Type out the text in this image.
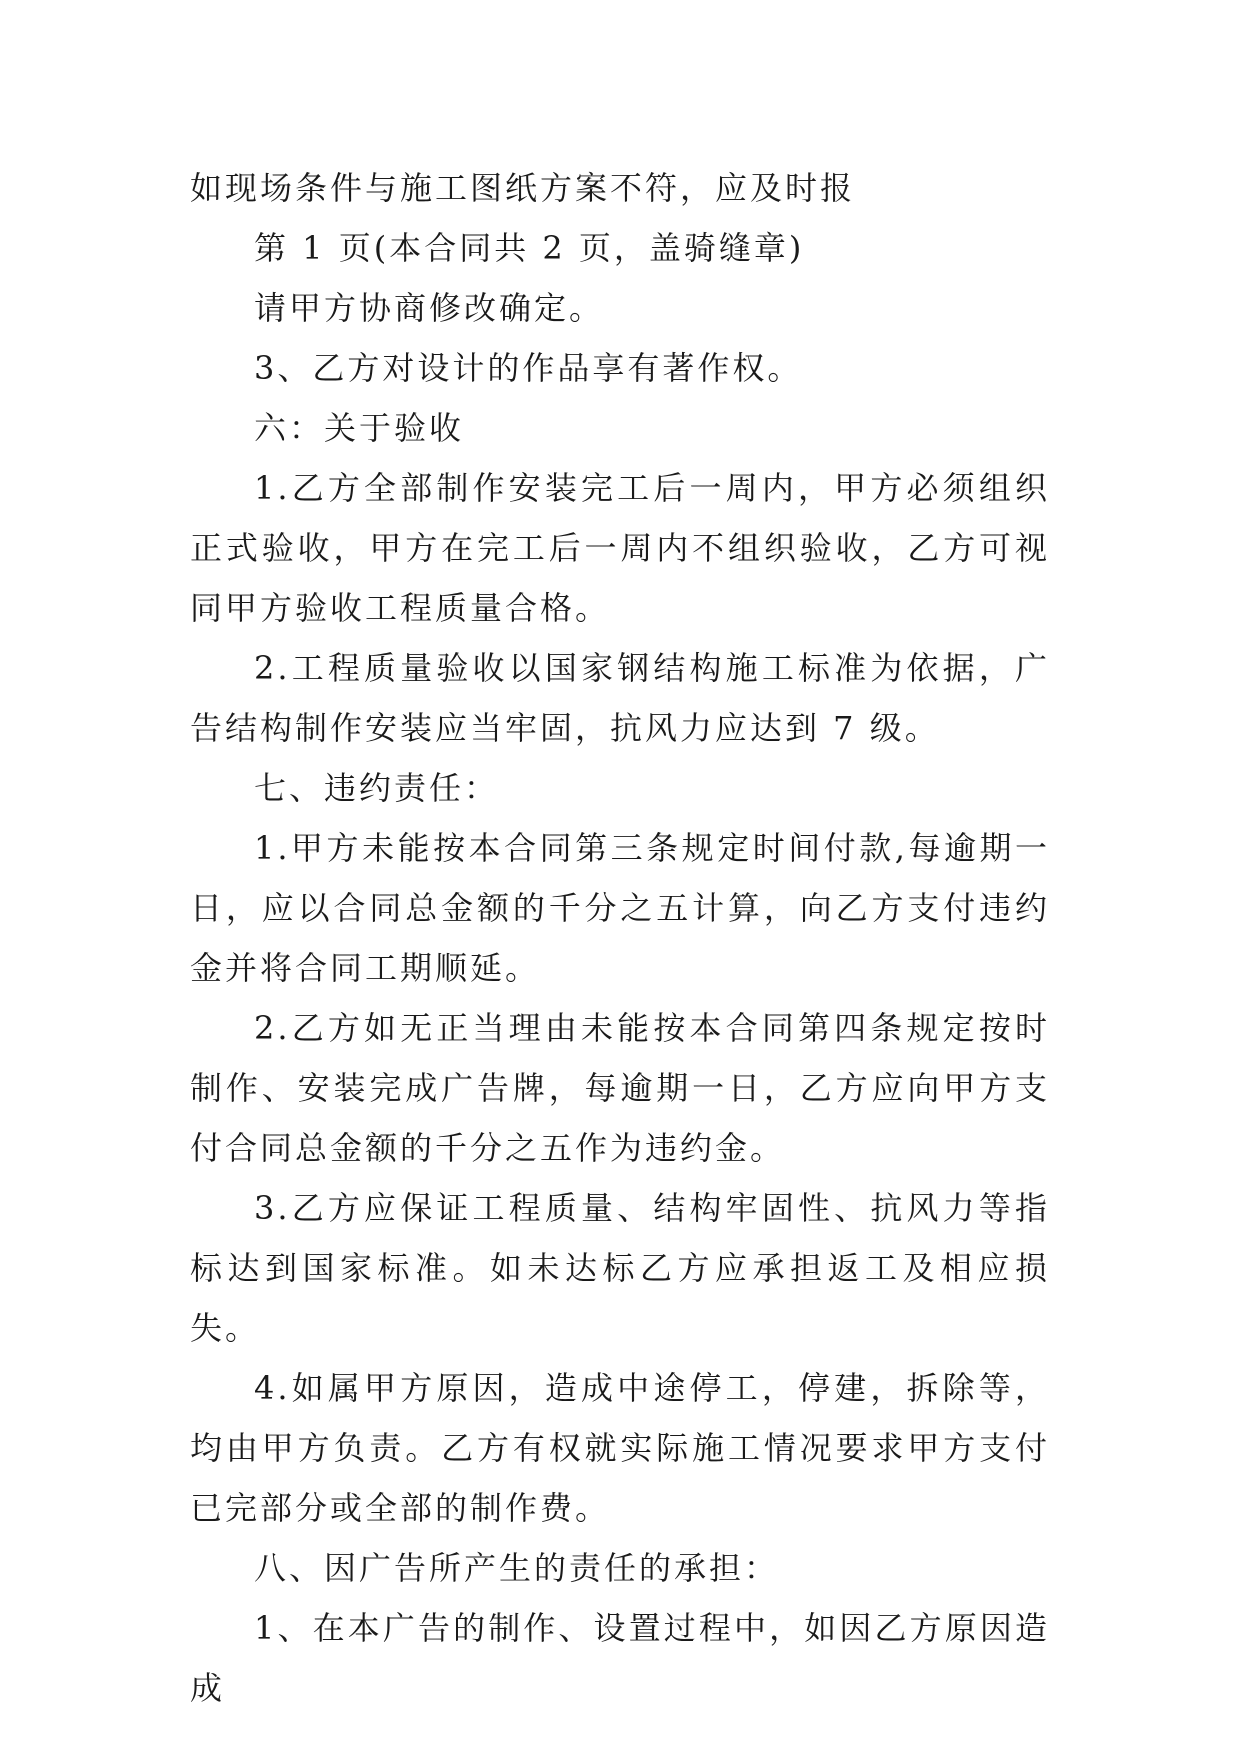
如现场条件与施工图纸方案不符，应及时报

第 1 页(本合同共 2 页，盖骑缝章)

请甲方协商修改确定。

3、乙方对设计的作品享有著作权。

六：关于验收

1.乙方全部制作安装完工后一周内，甲方必须组织正式验收，甲方在完工后一周内不组织验收，乙方可视同甲方验收工程质量合格。

2.工程质量验收以国家钢结构施工标准为依据，广告结构制作安装应当牢固，抗风力应达到 7 级。

七、违约责任：

1.甲方未能按本合同第三条规定时间付款,每逾期一日，应以合同总金额的千分之五计算，向乙方支付违约金并将合同工期顺延。

2.乙方如无正当理由未能按本合同第四条规定按时制作、安装完成广告牌，每逾期一日，乙方应向甲方支付合同总金额的千分之五作为违约金。

3.乙方应保证工程质量、结构牢固性、抗风力等指标达到国家标准。如未达标乙方应承担返工及相应损失。

4.如属甲方原因，造成中途停工，停建，拆除等，均由甲方负责。乙方有权就实际施工情况要求甲方支付已完部分或全部的制作费。

八、因广告所产生的责任的承担：

1、在本广告的制作、设置过程中，如因乙方原因造成
